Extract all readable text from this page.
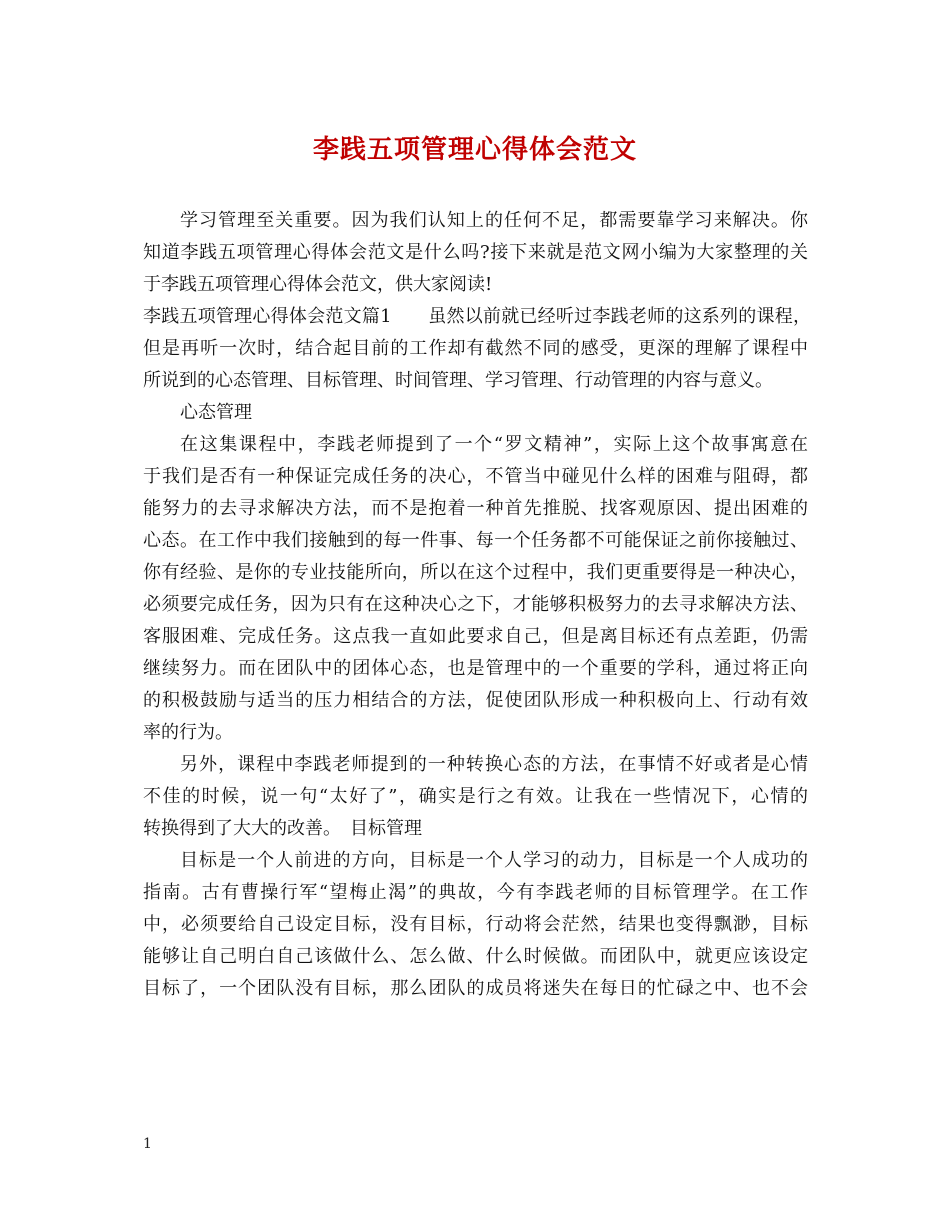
李践五项管理心得体会范文
学习管理至关重要。因为我们认知上的任何不足，都需要靠学习来解决。你
知道李践五项管理心得体会范文是什么吗?接下来就是范文网小编为大家整理的关
于李践五项管理心得体会范文，供大家阅读!
李践五项管理心得体会范文篇1　　虽然以前就已经听过李践老师的这系列的课程，
但是再听一次时，结合起目前的工作却有截然不同的感受，更深的理解了课程中
所说到的心态管理、目标管理、时间管理、学习管理、行动管理的内容与意义。
心态管理
在这集课程中，李践老师提到了一个“罗文精神”，实际上这个故事寓意在
于我们是否有一种保证完成任务的决心，不管当中碰见什么样的困难与阻碍，都
能努力的去寻求解决方法，而不是抱着一种首先推脱、找客观原因、提出困难的
心态。在工作中我们接触到的每一件事、每一个任务都不可能保证之前你接触过、
你有经验、是你的专业技能所向，所以在这个过程中，我们更重要得是一种决心，
必须要完成任务，因为只有在这种决心之下，才能够积极努力的去寻求解决方法、
客服困难、完成任务。这点我一直如此要求自己，但是离目标还有点差距，仍需
继续努力。而在团队中的团体心态，也是管理中的一个重要的学科，通过将正向
的积极鼓励与适当的压力相结合的方法，促使团队形成一种积极向上、行动有效
率的行为。
另外，课程中李践老师提到的一种转换心态的方法，在事情不好或者是心情
不佳的时候，说一句“太好了”，确实是行之有效。让我在一些情况下，心情的
转换得到了大大的改善。　目标管理
目标是一个人前进的方向，目标是一个人学习的动力，目标是一个人成功的
指南。古有曹操行军“望梅止渴”的典故，今有李践老师的目标管理学。在工作
中，必须要给自己设定目标，没有目标，行动将会茫然，结果也变得飘渺，目标
能够让自己明白自己该做什么、怎么做、什么时候做。而团队中，就更应该设定
目标了，一个团队没有目标，那么团队的成员将迷失在每日的忙碌之中、也不会
1
